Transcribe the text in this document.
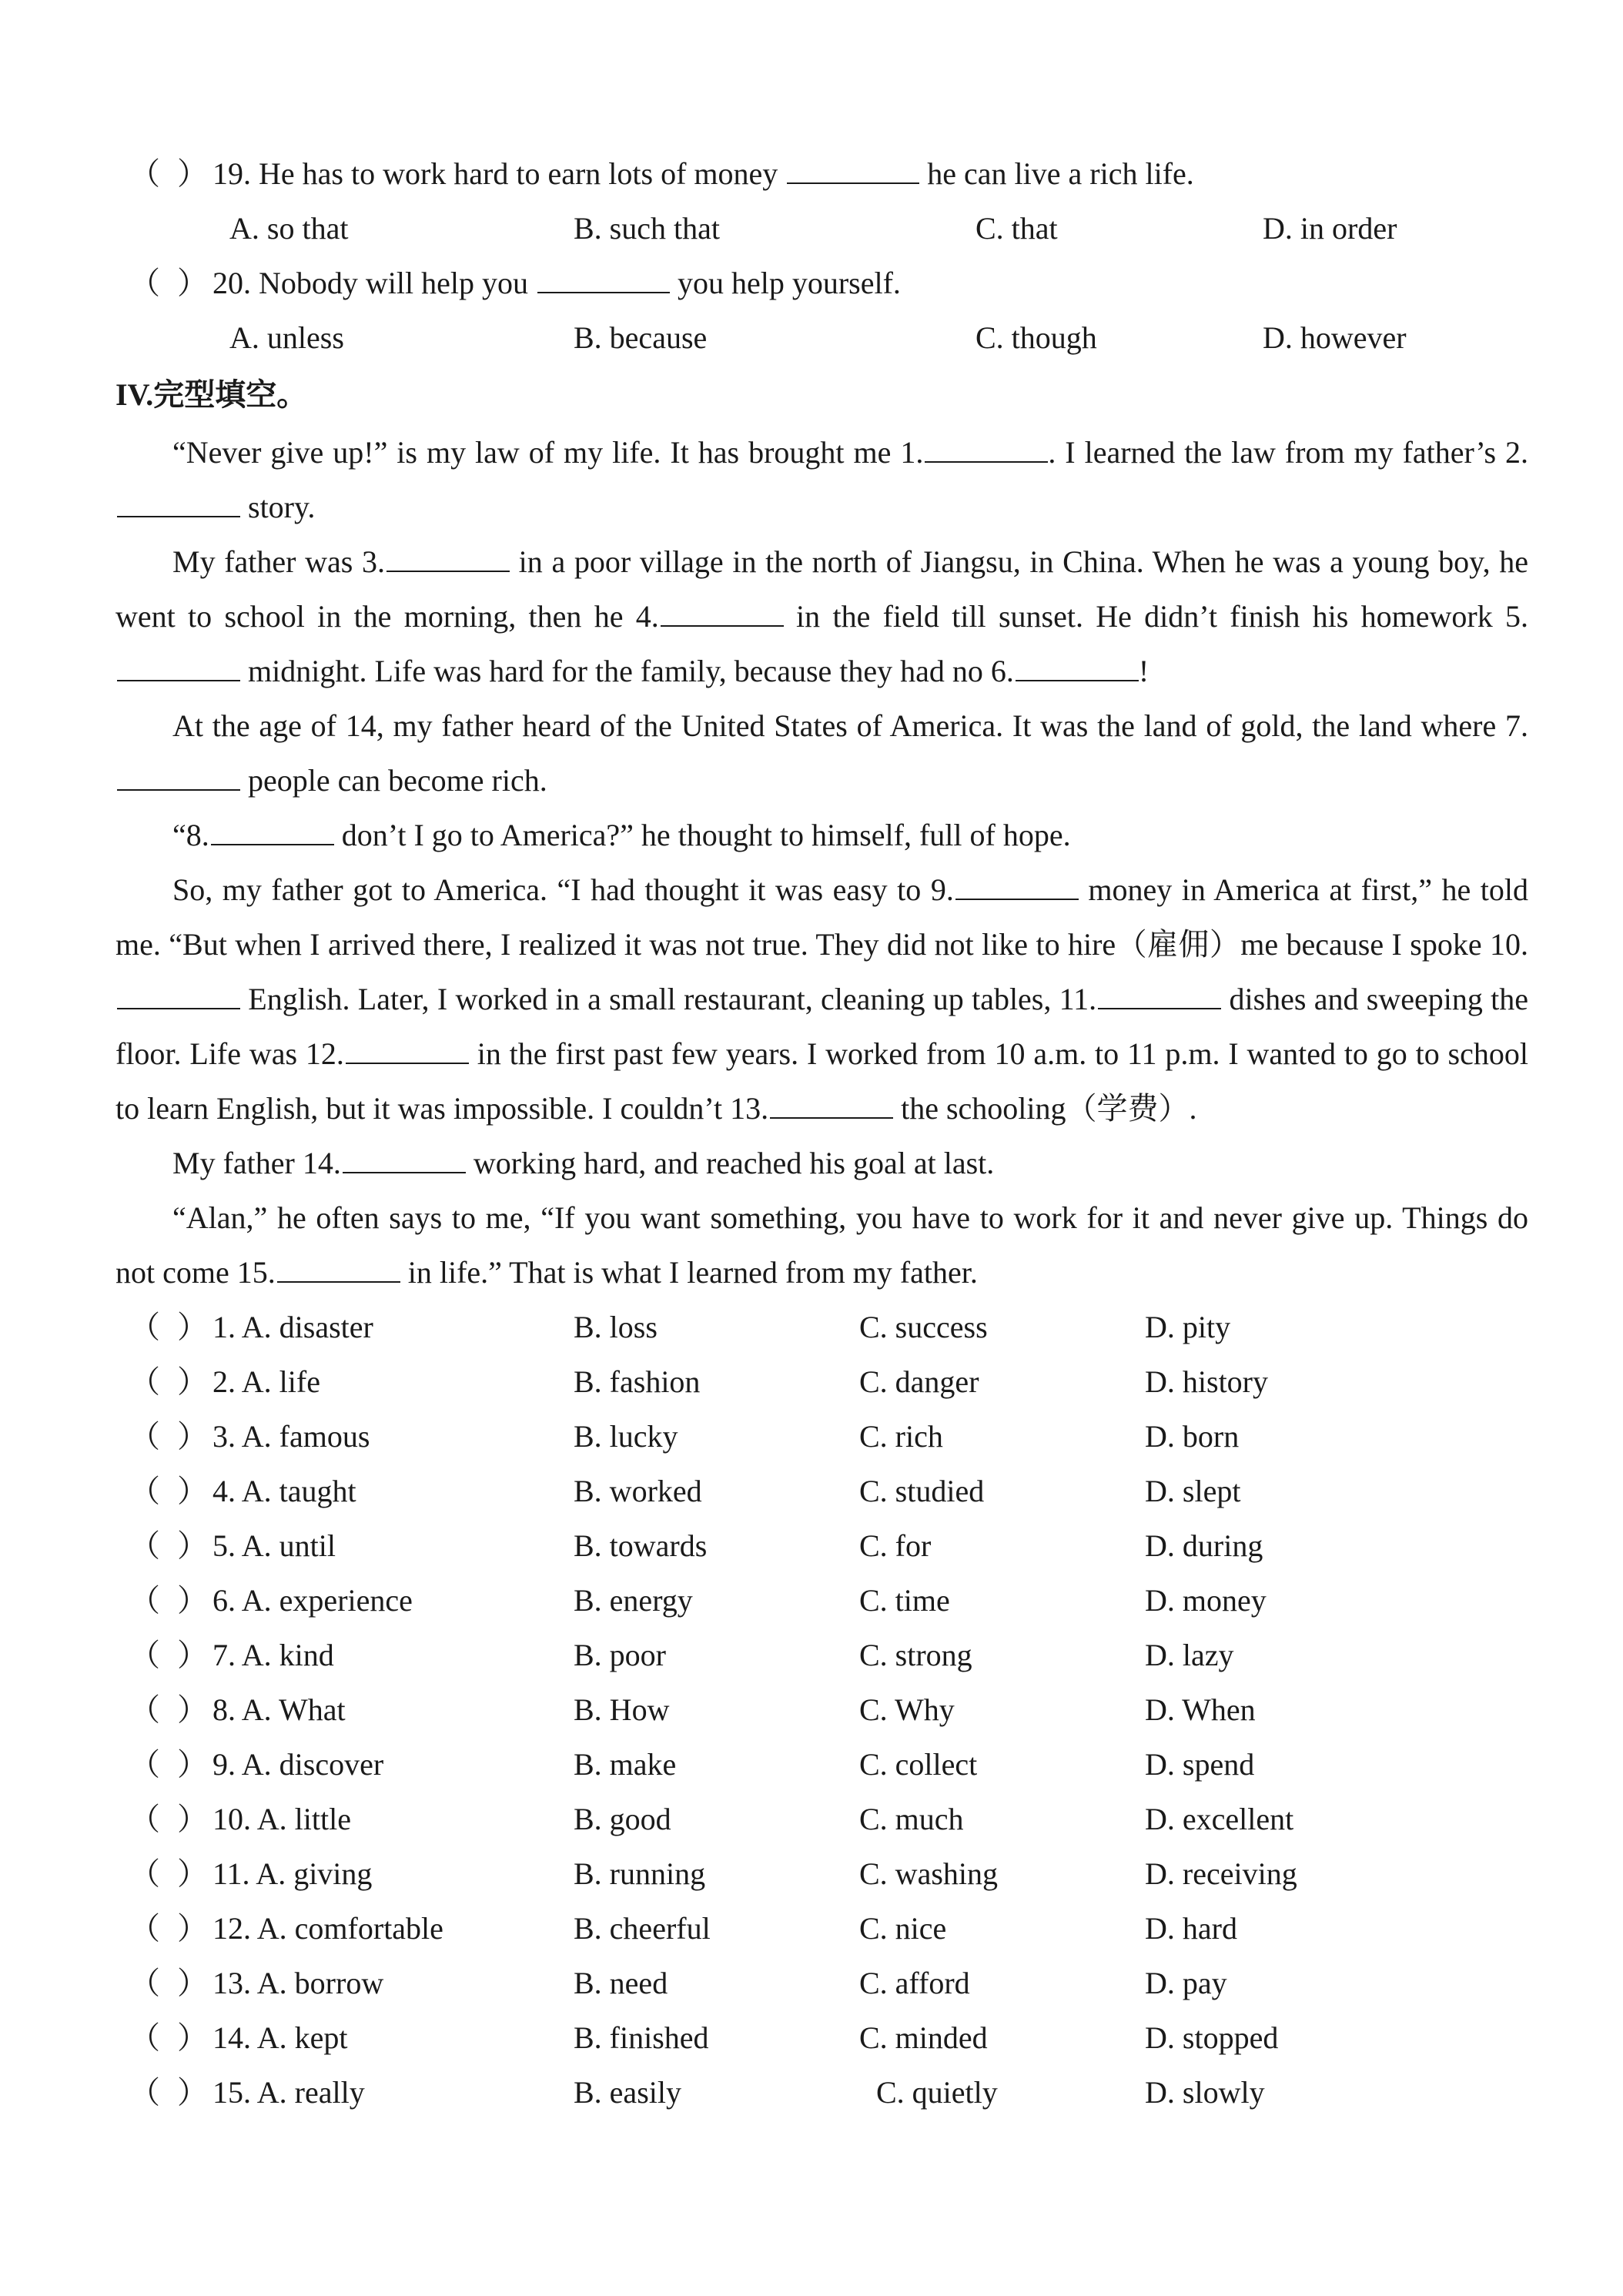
（ ） 19. He has to work hard to earn lots of money	he can live a rich life.
A. so that	B. such that	C. that	D. in order
（ ） 20. Nobody will help you	you help yourself.
A. unless	B. because	C. though	D. however
IV.完型填空。

“Never give up!” is my law of my life. It has brought me 1.	. I learned the law from my father’s 2. story.

My father was 3.	in a poor village in the north of Jiangsu, in China. When he was a young boy, he went to school in the morning, then he 4.	in the field till sunset. He didn’t finish his homework 5. midnight. Life was hard for the family, because they had no 6.	!

At the age of 14, my father heard of the United States of America. It was the land of gold, the land where 7. people can become rich.

“8.	don’t I go to America?” he thought to himself, full of hope.

So, my father got to America. “I had thought it was easy to 9.	money in America at first,” he told me. “But when I arrived there, I realized it was not true. They did not like to hire（雇佣）me because I spoke 10. English. Later, I worked in a small restaurant, cleaning up tables, 11.	dishes and sweeping the floor. Life was 12.	in the first past few years. I worked from 10 a.m. to 11 p.m. I wanted to go to school to learn English, but it was impossible. I couldn’t 13.	the schooling（学费）.

My father 14.	working hard, and reached his goal at last.

“Alan,” he often says to me, “If you want something, you have to work for it and never give up. Things do not come 15.	in life.” That is what I learned from my father.

（ ） 1. A. disaster	B. loss	C. success	D. pity
（ ） 2. A. life	B. fashion	C. danger	D. history
（ ） 3. A. famous	B. lucky	C. rich	D. born
（ ） 4. A. taught	B. worked	C. studied	D. slept
（ ） 5. A. until	B. towards	C. for	D. during
（ ） 6. A. experience	B. energy	C. time	D. money
（ ） 7. A. kind	B. poor	C. strong	D. lazy
（ ） 8. A. What	B. How	C. Why	D. When
（ ） 9. A. discover	B. make	C. collect	D. spend
（ ） 10. A. little	B. good	C. much	D. excellent
（ ） 11. A. giving	B. running	C. washing	D. receiving
（ ） 12. A. comfortable	B. cheerful	C. nice	D. hard
（ ） 13. A. borrow	B. need	C. afford	D. pay
（ ） 14. A. kept	B. finished	C. minded	D. stopped
（ ） 15. A. really	B. easily	C. quietly	D. slowly
